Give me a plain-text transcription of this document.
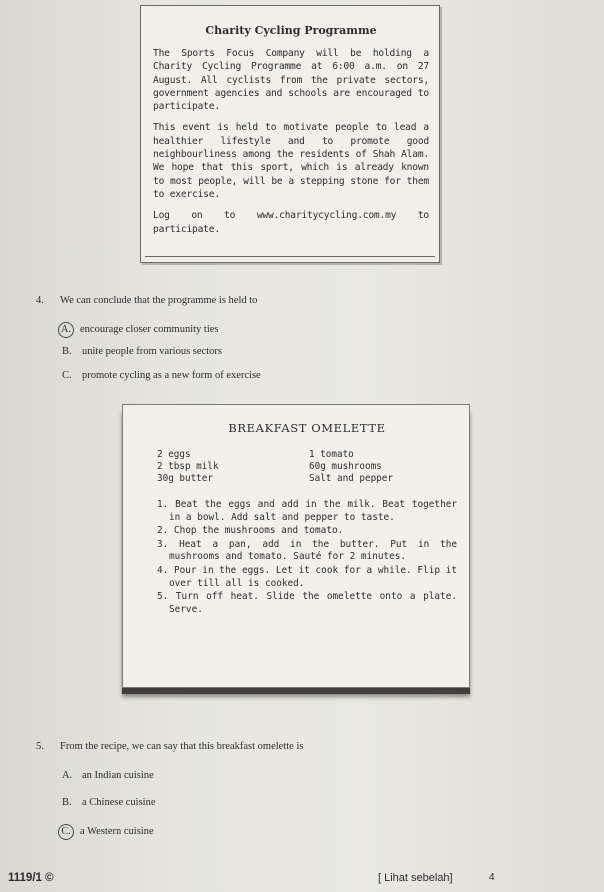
Charity Cycling Programme

The Sports Focus Company will be holding a Charity Cycling Programme at 6:00 a.m. on 27 August. All cyclists from the private sectors, government agencies and schools are encouraged to participate.

This event is held to motivate people to lead a healthier lifestyle and to promote good neighbourliness among the residents of Shah Alam. We hope that this sport, which is already known to most people, will be a stepping stone for them to exercise.

Log on to www.charitycycling.com.my to participate.

4. We can conclude that the programme is held to
A. encourage closer community ties
B. unite people from various sectors
C. promote cycling as a new form of exercise
BREAKFAST OMELETTE
2 eggs	1 tomato
2 tbsp milk	60g mushrooms
30g butter	Salt and pepper
1. Beat the eggs and add in the milk. Beat together in a bowl. Add salt and pepper to taste.
2. Chop the mushrooms and tomato.
3. Heat a pan, add in the butter. Put in the mushrooms and tomato. Sauté for 2 minutes.
4. Pour in the eggs. Let it cook for a while. Flip it over till all is cooked.
5. Turn off heat. Slide the omelette onto a plate. Serve.
5. From the recipe, we can say that this breakfast omelette is
A. an Indian cuisine
B. a Chinese cuisine
C. a Western cuisine
1119/1 ©	[ Lihat sebelah]	4
